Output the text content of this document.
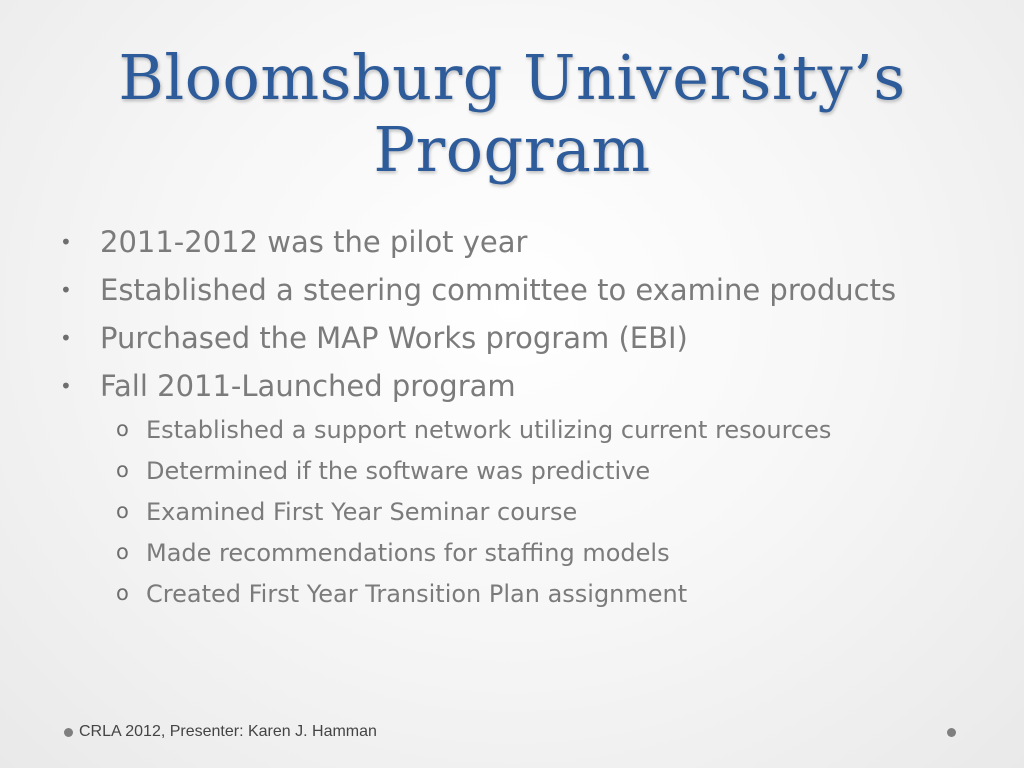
Bloomsburg University’s
Program
• 2011-2012 was the pilot year
• Established a steering committee to examine products
• Purchased the MAP Works program (EBI)
• Fall 2011-Launched program
o Established a support network utilizing current resources
o Determined if the software was predictive
o Examined First Year Seminar course
o Made recommendations for staffing models
o Created First Year Transition Plan assignment
CRLA 2012, Presenter: Karen J. Hamman
